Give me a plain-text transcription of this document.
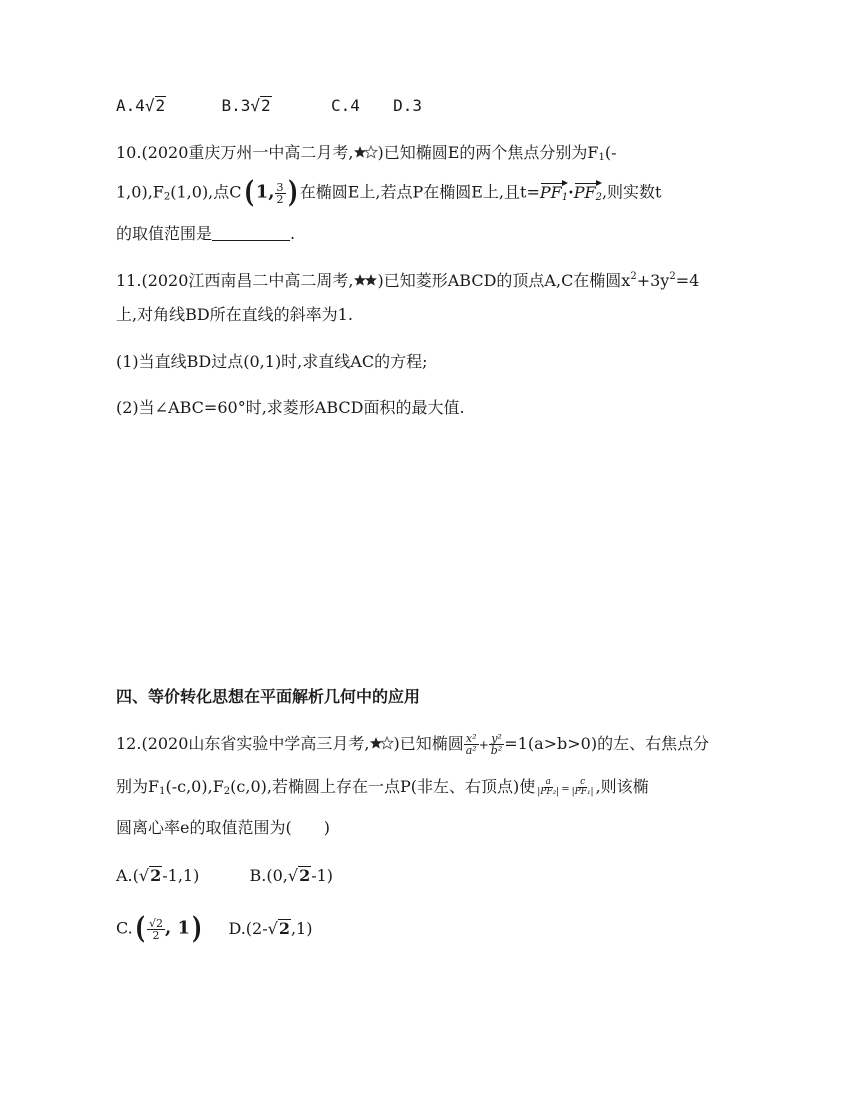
A.4√2	B.3√2	C.4 D.3
10.(2020重庆万州一中高二月考, )已知椭圆E的两个焦点分别为$F_1(-$
$1,0),F_2(1,0)$,点C( 1, $\frac{3}{2}$ ) 在椭圆E上,若点P在椭圆E上,且$t=PF_1\cdot PF_2$,则实数t
的取值范围是	.
11.(2020江西南昌二中高二周考, )已知菱形ABCD的顶点A,C在椭圆$x^2+3y^2=4$
上,对角线BD所在直线的斜率为1.
(1)当直线BD过点(0,1)时,求直线AC的方程;
(2)当∠ABC=60°时,求菱形ABCD面积的最大值.
四、等价转化思想在平面解析几何中的应用
12.(2020山东省实验中学高三月考, )已知椭圆 $\frac{\text{x²}}{\text{a²}} + \frac{\text{y²}}{\text{b²}} =1(a>b>0)$的左、右焦点分
别为$F_1(-c,0),F_2(c,0)$,若椭圆上存在一点P(非左、右顶点)使 $\frac{a}{\text{|PF₂|}} = \frac{c}{\text{|PF₁|}}$ ,则该椭
圆离心率e的取值范围为(　　)
A.(√2-1,1)	B.(0,√2-1)
$C.( \frac{√2}{2}$ , 1) D.(2-√2,1)
